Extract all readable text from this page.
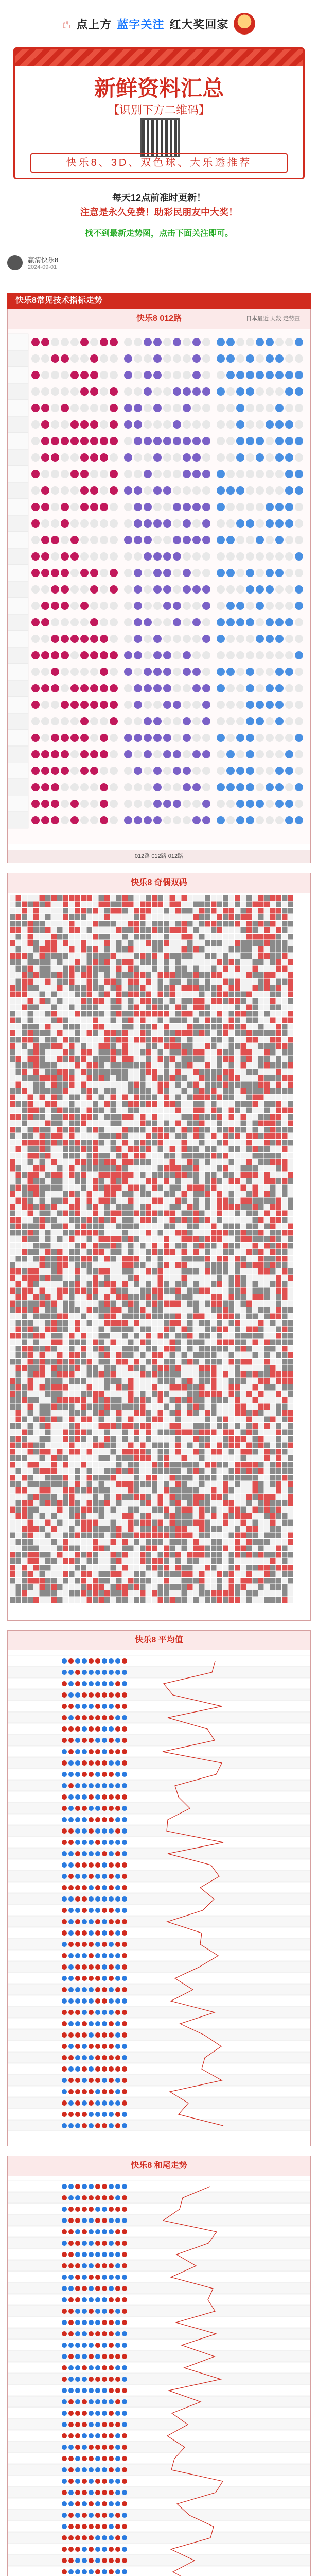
☝ 点上方 蓝字关注 红大奖回家
新鲜资料汇总
【识别下方二维码】
快乐8、3D、双色球、大乐透推荐
每天12点前准时更新！
注意是永久免费！助彩民朋友中大奖！
找不到最新走势图，点击下面关注即可。
赢清快乐8
2024-09-01
快乐8常见技术指标走势
快乐8 012路	日本最近 天数 走势查
012路 012路 012路
快乐8 奇偶双码
快乐8 平均值
快乐8 和尾走势
